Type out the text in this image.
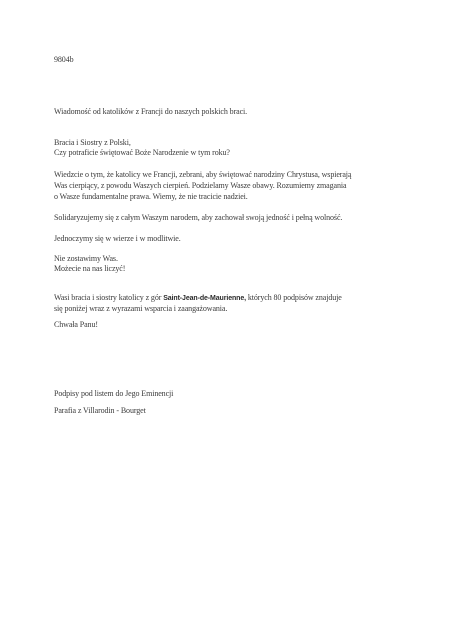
9804b
Wiadomość od katolików z Francji do naszych polskich braci.
Bracia i Siostry z Polski,
Czy potraficie świętować Boże Narodzenie w tym roku?
Wiedzcie o tym, że katolicy we Francji, zebrani, aby świętować narodziny Chrystusa, wspierają
Was cierpiący, z powodu Waszych cierpień. Podzielamy Wasze obawy. Rozumiemy zmagania
o Wasze fundamentalne prawa. Wiemy, że nie tracicie nadziei.
Solidaryzujemy się z całym Waszym narodem, aby zachował swoją jedność i pełną wolność.
Jednoczymy się w wierze i w modlitwie.
Nie zostawimy Was.
Możecie na nas liczyć!
Wasi bracia i siostry katolicy z gór Saint-Jean-de-Maurienne, których 80 podpisów znajduje
się poniżej wraz z wyrazami wsparcia i zaangażowania.
Chwała Panu!
Podpisy pod listem do Jego Eminencji
Parafia z Villarodin - Bourget
